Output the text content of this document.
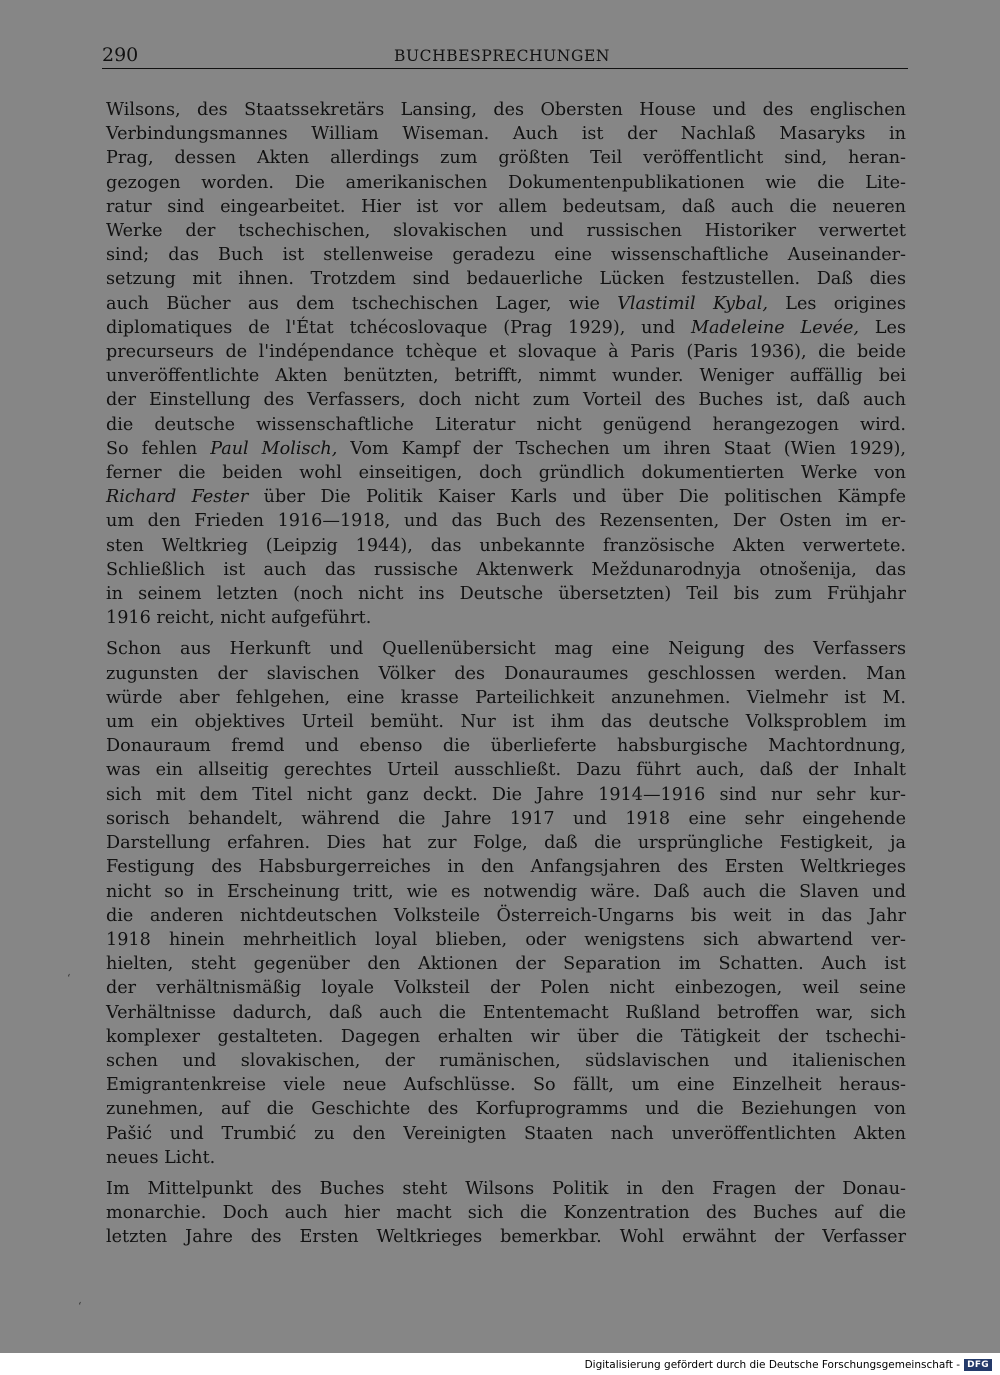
290	BUCHBESPRECHUNGEN

Wilsons, des Staatssekretärs Lansing, des Obersten House und des englischen

Verbindungsmannes William Wiseman. Auch ist der Nachlaß Masaryks in

Prag, dessen Akten allerdings zum größten Teil veröffentlicht sind, heran-

gezogen worden. Die amerikanischen Dokumentenpublikationen wie die Lite-

ratur sind eingearbeitet. Hier ist vor allem bedeutsam, daß auch die neueren

Werke der tschechischen, slovakischen und russischen Historiker verwertet

sind; das Buch ist stellenweise geradezu eine wissenschaftliche Auseinander-

setzung mit ihnen. Trotzdem sind bedauerliche Lücken festzustellen. Daß dies

auch Bücher aus dem tschechischen Lager, wie Vlastimil Kybal, Les origines

diplomatiques de l'État tchécoslovaque (Prag 1929), und Madeleine Levée, Les

precurseurs de l'indépendance tchèque et slovaque à Paris (Paris 1936), die beide

unveröffentlichte Akten benützten, betrifft, nimmt wunder. Weniger auffällig bei

der Einstellung des Verfassers, doch nicht zum Vorteil des Buches ist, daß auch

die deutsche wissenschaftliche Literatur nicht genügend herangezogen wird.

So fehlen Paul Molisch, Vom Kampf der Tschechen um ihren Staat (Wien 1929),

ferner die beiden wohl einseitigen, doch gründlich dokumentierten Werke von

Richard Fester über Die Politik Kaiser Karls und über Die politischen Kämpfe

um den Frieden 1916—1918, und das Buch des Rezensenten, Der Osten im er-

sten Weltkrieg (Leipzig 1944), das unbekannte französische Akten verwertete.

Schließlich ist auch das russische Aktenwerk Meždunarodnyja otnošenija, das

in seinem letzten (noch nicht ins Deutsche übersetzten) Teil bis zum Frühjahr

1916 reicht, nicht aufgeführt.

Schon aus Herkunft und Quellenübersicht mag eine Neigung des Verfassers

zugunsten der slavischen Völker des Donauraumes geschlossen werden. Man

würde aber fehlgehen, eine krasse Parteilichkeit anzunehmen. Vielmehr ist M.

um ein objektives Urteil bemüht. Nur ist ihm das deutsche Volksproblem im

Donauraum fremd und ebenso die überlieferte habsburgische Machtordnung,

was ein allseitig gerechtes Urteil ausschließt. Dazu führt auch, daß der Inhalt

sich mit dem Titel nicht ganz deckt. Die Jahre 1914—1916 sind nur sehr kur-

sorisch behandelt, während die Jahre 1917 und 1918 eine sehr eingehende

Darstellung erfahren. Dies hat zur Folge, daß die ursprüngliche Festigkeit, ja

Festigung des Habsburgerreiches in den Anfangsjahren des Ersten Weltkrieges

nicht so in Erscheinung tritt, wie es notwendig wäre. Daß auch die Slaven und

die anderen nichtdeutschen Volksteile Österreich-Ungarns bis weit in das Jahr

1918 hinein mehrheitlich loyal blieben, oder wenigstens sich abwartend ver-

hielten, steht gegenüber den Aktionen der Separation im Schatten. Auch ist

der verhältnismäßig loyale Volksteil der Polen nicht einbezogen, weil seine

Verhältnisse dadurch, daß auch die Ententemacht Rußland betroffen war, sich

komplexer gestalteten. Dagegen erhalten wir über die Tätigkeit der tschechi-

schen und slovakischen, der rumänischen, südslavischen und italienischen

Emigrantenkreise viele neue Aufschlüsse. So fällt, um eine Einzelheit heraus-

zunehmen, auf die Geschichte des Korfuprogramms und die Beziehungen von

Pašić und Trumbić zu den Vereinigten Staaten nach unveröffentlichten Akten

neues Licht.

Im Mittelpunkt des Buches steht Wilsons Politik in den Fragen der Donau-

monarchie. Doch auch hier macht sich die Konzentration des Buches auf die

letzten Jahre des Ersten Weltkrieges bemerkbar. Wohl erwähnt der Verfasser

‘
ʻ
Digitalisierung gefördert durch die Deutsche Forschungsgemeinschaft - DFG
